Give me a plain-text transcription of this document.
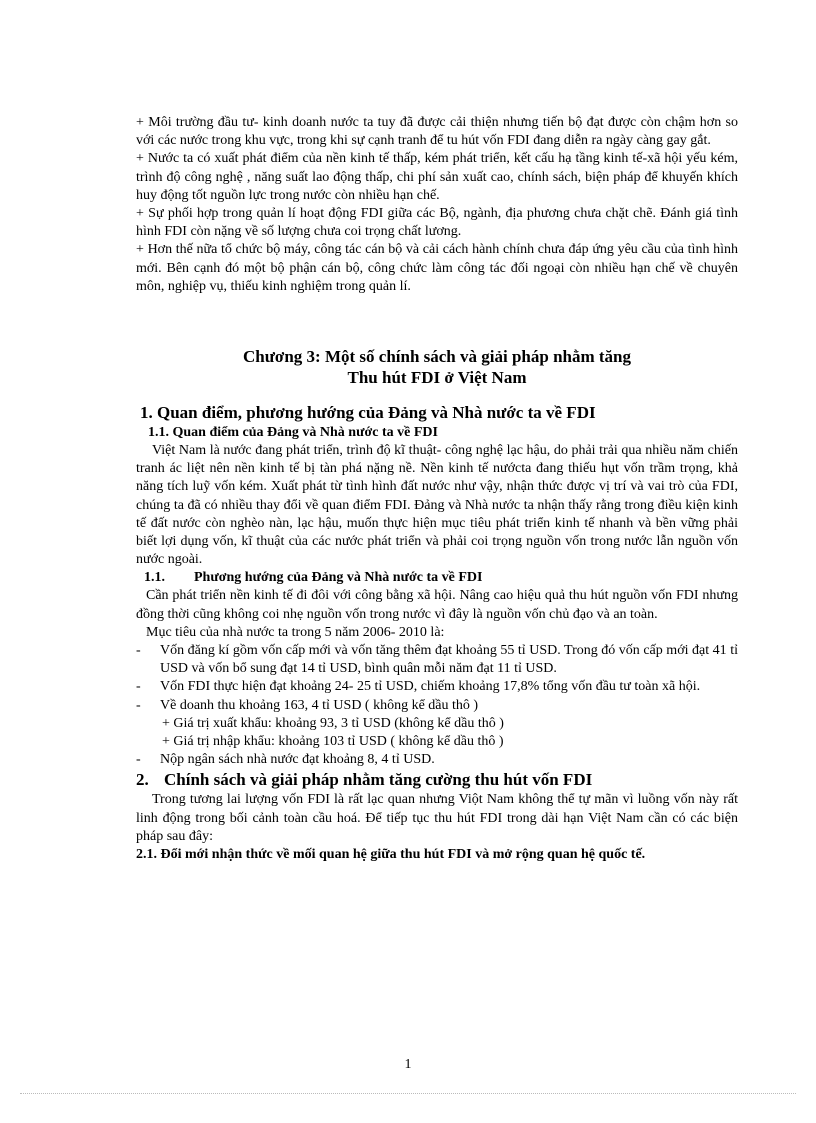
+ Môi trường đầu tư- kinh doanh nước ta tuy đã được cải thiện nhưng tiến bộ đạt được còn chậm hơn so với các nước trong khu vực, trong khi sự cạnh tranh để tu hút vốn FDI đang diễn ra ngày càng gay gắt.

+ Nước ta có xuất phát điểm của nền kinh tế thấp, kém phát triển, kết cấu hạ tầng kinh tế-xã hội yếu kém, trình độ công nghệ , năng suất lao động thấp, chi phí sản xuất cao, chính sách, biện pháp để khuyến khích huy động tốt nguồn lực trong nước còn nhiều hạn chế.

+ Sự phối hợp trong quản lí hoạt động FDI giữa các Bộ, ngành, địa phương chưa chặt chẽ. Đánh giá tình hình FDI còn nặng về số lượng chưa coi trọng chất lương.

+ Hơn thế nữa tổ chức bộ máy, công tác cán bộ và cải cách hành chính chưa đáp ứng yêu cầu của tình hình mới. Bên cạnh đó một bộ phận cán bộ, công chức làm công tác đối ngoại còn nhiều hạn chế về chuyên môn, nghiệp vụ, thiếu kinh nghiệm trong quản lí.

Chương 3: Một số chính sách và giải pháp nhằm tăng

Thu hút FDI ở Việt Nam

1. Quan điểm, phương hướng của Đảng và Nhà nước ta về FDI

1.1. Quan điểm của Đảng và Nhà nước ta về FDI

Việt Nam là nước đang phát triển, trình độ kĩ thuật- công nghệ lạc hậu, do phải trải qua nhiều năm chiến tranh ác liệt nên nền kinh tế bị tàn phá nặng nề. Nền kinh tế nướcta đang thiếu hụt vốn trầm trọng, khả năng tích luỹ vốn kém. Xuất phát từ tình hình đất nước như vậy, nhận thức được vị trí và vai trò của FDI, chúng ta đã có nhiều thay đổi về quan điểm FDI. Đảng và Nhà nước ta nhận thấy rằng trong điều kiện kinh tế đất nước còn nghèo nàn, lạc hậu, muốn thực hiện mục tiêu phát triển kinh tế nhanh và bền vững phải biết lợi dụng vốn, kĩ thuật của các nước phát triển và phải coi trọng nguồn vốn trong nước lẫn nguồn vốn nước ngoài.

1.1. Phương hướng của Đảng và Nhà nước ta về FDI

Cần phát triển nền kinh tế đi đôi với công bằng xã hội. Nâng cao hiệu quả thu hút nguồn vốn FDI nhưng đồng thời cũng không coi nhẹ nguồn vốn trong nước vì đây là nguồn vốn chủ đạo và an toàn.

Mục tiêu của nhà nước ta trong 5 năm 2006- 2010 là:

-	Vốn đăng kí gồm vốn cấp mới và vốn tăng thêm đạt khoảng 55 tỉ USD. Trong đó vốn cấp mới đạt 41 tỉ USD và vốn bổ sung đạt 14 tỉ USD, bình quân mỗi năm đạt 11 tỉ USD.
-	Vốn FDI thực hiện đạt khoảng 24- 25 tỉ USD, chiếm khoảng 17,8% tổng vốn đầu tư toàn xã hội.
-	Về doanh thu khoảng 163, 4 tỉ USD ( không kể dầu thô )
+ Giá trị xuất khẩu: khoảng 93, 3 tỉ USD (không kể dầu thô )
+ Giá trị nhập khẩu: khoảng 103 tỉ USD ( không kể dầu thô )
-	Nộp ngân sách nhà nước đạt khoảng 8, 4 tỉ USD.

2. Chính sách và giải pháp nhằm tăng cường thu hút vốn FDI

Trong tương lai lượng vốn FDI là rất lạc quan nhưng Viột Nam không thể tự mãn vì luồng vốn này rất linh động trong bối cảnh toàn cầu hoá. Để tiếp tục thu hút FDI trong dài hạn Việt Nam cần có các biện pháp sau đây:

2.1. Đổi mới nhận thức về mối quan hệ giữa thu hút FDI và mở rộng quan hệ quốc tế.

1
